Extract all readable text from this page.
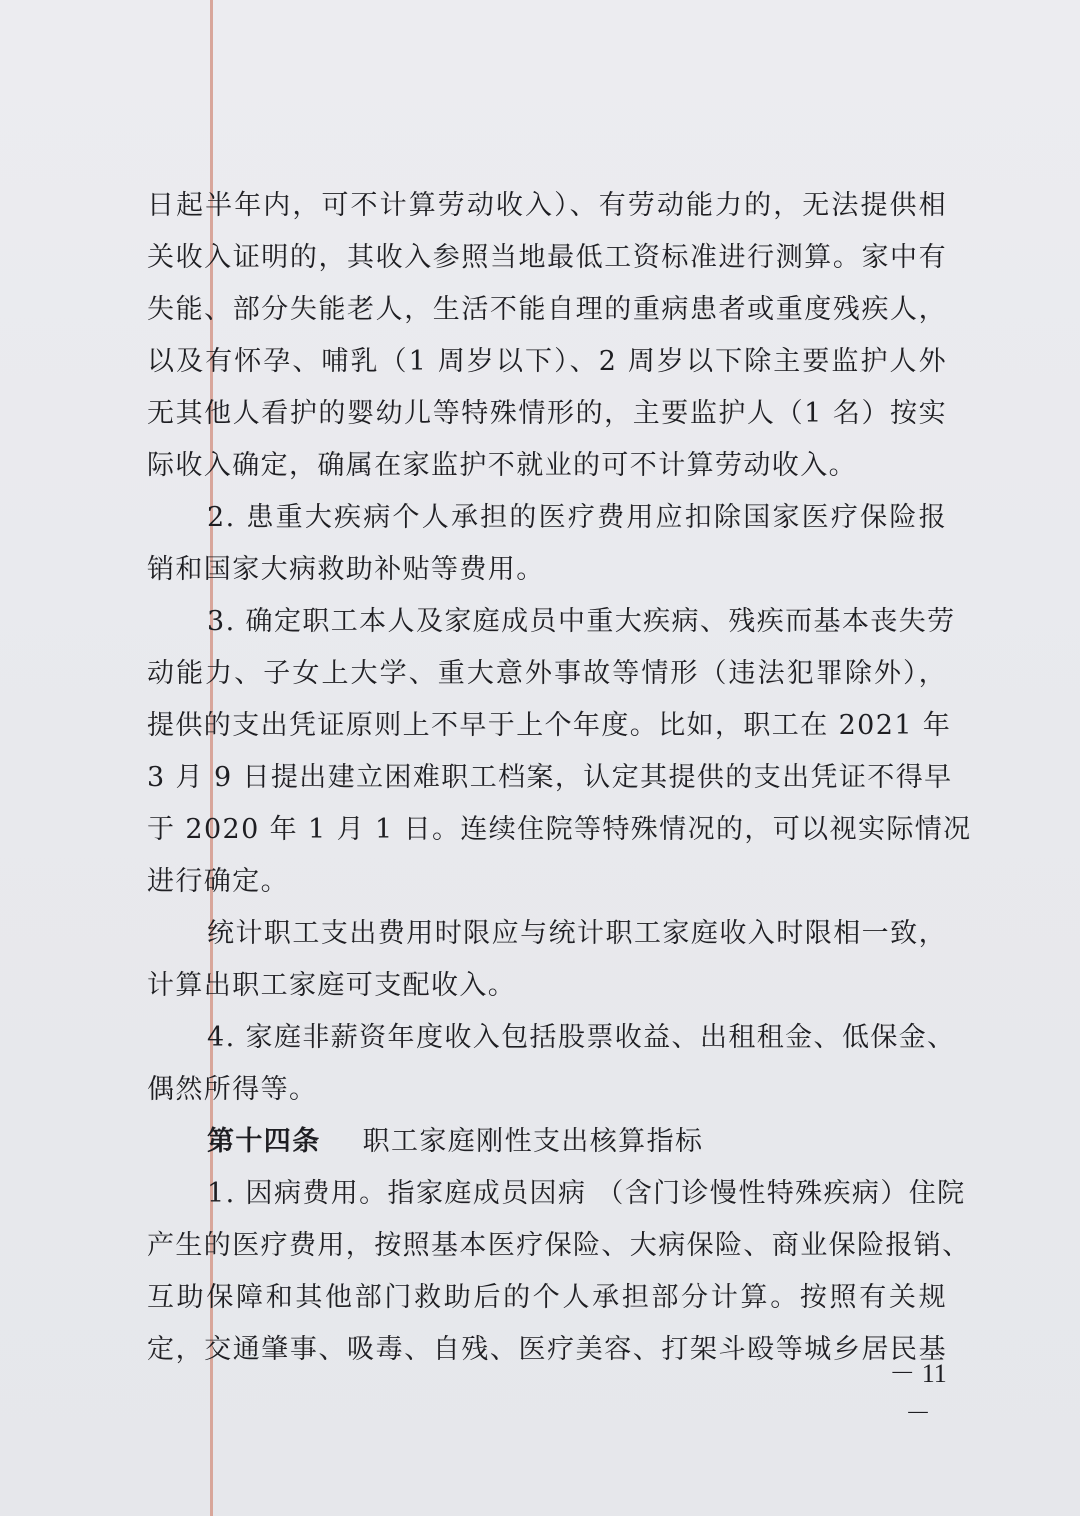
日起半年内，可不计算劳动收入）、有劳动能力的，无法提供相
关收入证明的，其收入参照当地最低工资标准进行测算。家中有
失能、部分失能老人，生活不能自理的重病患者或重度残疾人，
以及有怀孕、哺乳（1 周岁以下）、2 周岁以下除主要监护人外
无其他人看护的婴幼儿等特殊情形的，主要监护人（1 名）按实
际收入确定，确属在家监护不就业的可不计算劳动收入。
2. 患重大疾病个人承担的医疗费用应扣除国家医疗保险报
销和国家大病救助补贴等费用。
3. 确定职工本人及家庭成员中重大疾病、残疾而基本丧失劳
动能力、子女上大学、重大意外事故等情形（违法犯罪除外），
提供的支出凭证原则上不早于上个年度。比如，职工在 2021 年
3 月 9 日提出建立困难职工档案，认定其提供的支出凭证不得早
于 2020 年 1 月 1 日。连续住院等特殊情况的，可以视实际情况
进行确定。
统计职工支出费用时限应与统计职工家庭收入时限相一致，
计算出职工家庭可支配收入。
4. 家庭非薪资年度收入包括股票收益、出租租金、低保金、
偶然所得等。
第十四条 职工家庭刚性支出核算指标
1. 因病费用。指家庭成员因病 （含门诊慢性特殊疾病）住院
产生的医疗费用，按照基本医疗保险、大病保险、商业保险报销、
互助保障和其他部门救助后的个人承担部分计算。按照有关规
定，交通肇事、吸毒、自残、医疗美容、打架斗殴等城乡居民基
－ 11 －
